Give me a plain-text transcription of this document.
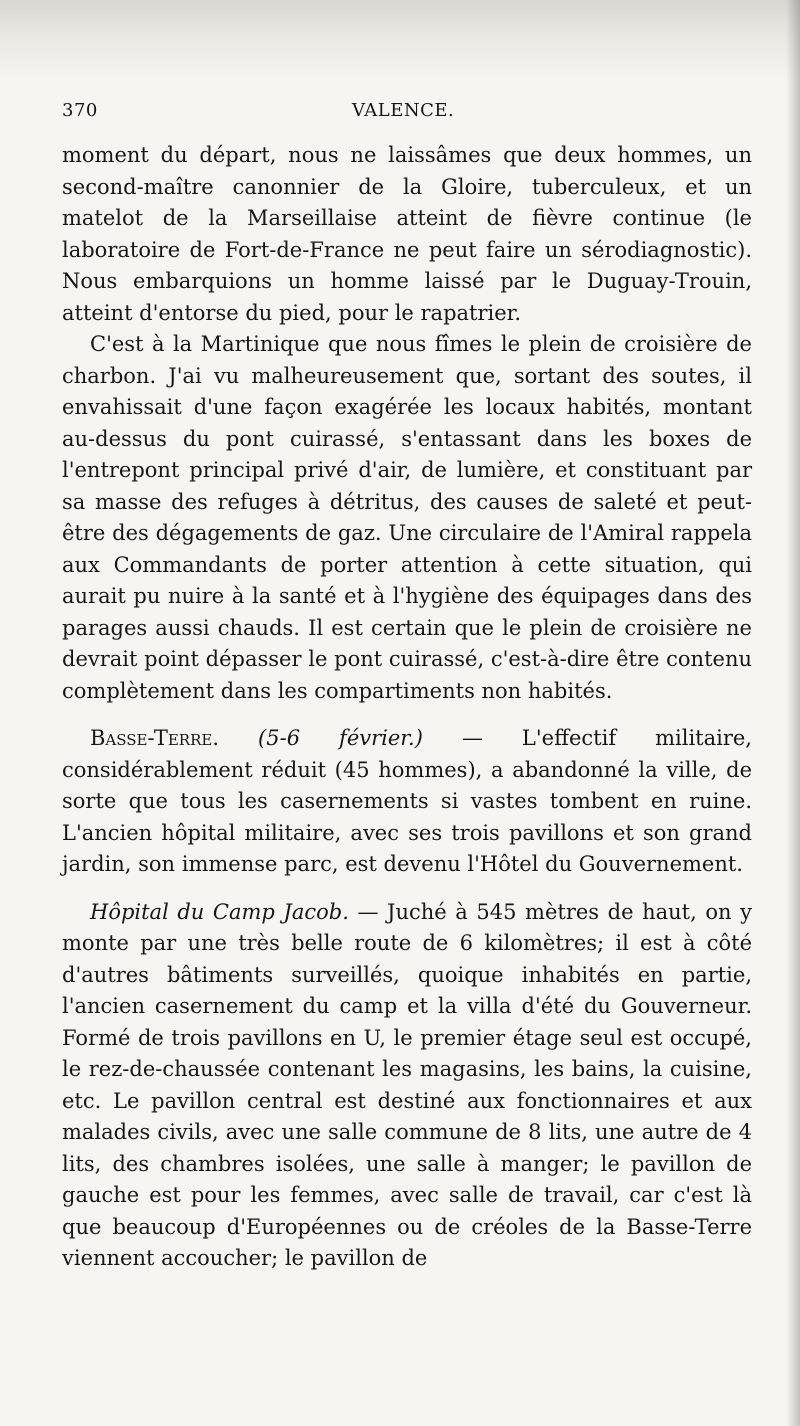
370	VALENCE.

moment du départ, nous ne laissâmes que deux hommes, un second-maître canonnier de la Gloire, tuberculeux, et un matelot de la Marseillaise atteint de fièvre continue (le laboratoire de Fort-de-France ne peut faire un sérodiagnostic). Nous embarquions un homme laissé par le Duguay-Trouin, atteint d'entorse du pied, pour le rapatrier.

C'est à la Martinique que nous fîmes le plein de croisière de charbon. J'ai vu malheureusement que, sortant des soutes, il envahissait d'une façon exagérée les locaux habités, montant au-dessus du pont cuirassé, s'entassant dans les boxes de l'entrepont principal privé d'air, de lumière, et constituant par sa masse des refuges à détritus, des causes de saleté et peut-être des dégagements de gaz. Une circulaire de l'Amiral rappela aux Commandants de porter attention à cette situation, qui aurait pu nuire à la santé et à l'hygiène des équipages dans des parages aussi chauds. Il est certain que le plein de croisière ne devrait point dépasser le pont cuirassé, c'est-à-dire être contenu complètement dans les compartiments non habités.

Basse-Terre. (5-6 février.) — L'effectif militaire, considérablement réduit (45 hommes), a abandonné la ville, de sorte que tous les casernements si vastes tombent en ruine. L'ancien hôpital militaire, avec ses trois pavillons et son grand jardin, son immense parc, est devenu l'Hôtel du Gouvernement.

Hôpital du Camp Jacob. — Juché à 545 mètres de haut, on y monte par une très belle route de 6 kilomètres; il est à côté d'autres bâtiments surveillés, quoique inhabités en partie, l'ancien casernement du camp et la villa d'été du Gouverneur. Formé de trois pavillons en U, le premier étage seul est occupé, le rez-de-chaussée contenant les magasins, les bains, la cuisine, etc. Le pavillon central est destiné aux fonctionnaires et aux malades civils, avec une salle commune de 8 lits, une autre de 4 lits, des chambres isolées, une salle à manger; le pavillon de gauche est pour les femmes, avec salle de travail, car c'est là que beaucoup d'Européennes ou de créoles de la Basse-Terre viennent accoucher; le pavillon de
